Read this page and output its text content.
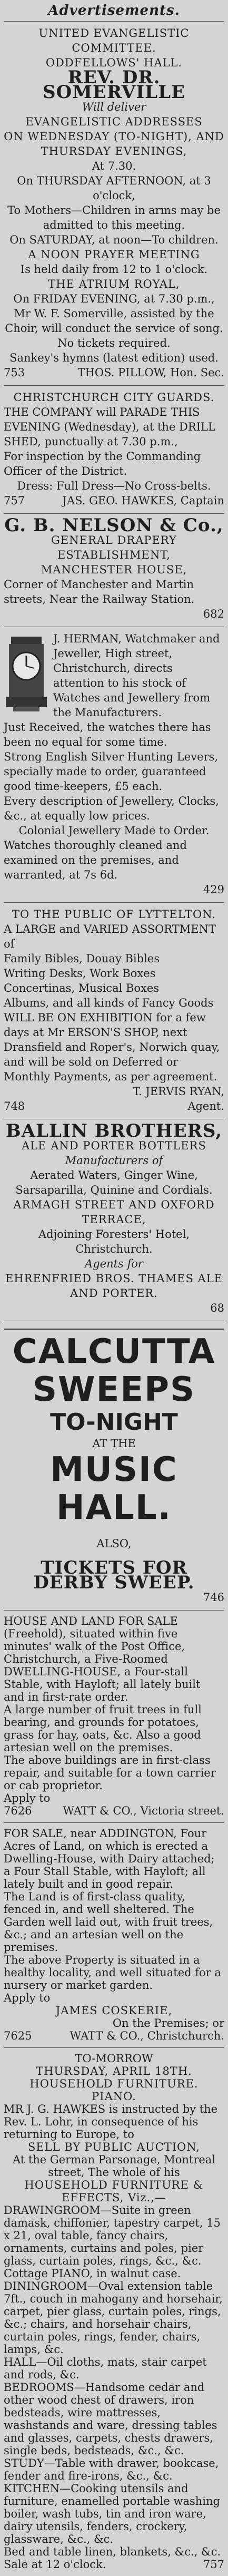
Advertisements.
UNITED EVANGELISTIC COMMITTEE.
ODDFELLOWS' HALL.
REV. DR. SOMERVILLE
Will deliver
EVANGELISTIC ADDRESSES
ON WEDNESDAY (TO-NIGHT), AND
THURSDAY EVENINGS,
At 7.30.
On THURSDAY AFTERNOON, at 3 o'clock,
To Mothers—Children in arms may be admitted to this meeting.
On SATURDAY, at noon—To children.
A NOON PRAYER MEETING
Is held daily from 12 to 1 o'clock.
THE ATRIUM ROYAL,
On FRIDAY EVENING, at 7.30 p.m.,
Mr W. F. Somerville, assisted by the Choir, will conduct the service of song.
No tickets required.
Sankey's hymns (latest edition) used.
753	THOS. PILLOW, Hon. Sec.
CHRISTCHURCH CITY GUARDS.
THE COMPANY will PARADE THIS EVENING (Wednesday), at the DRILL SHED, punctually at 7.30 p.m.,
For inspection by the Commanding Officer of the District.
Dress: Full Dress—No Cross-belts.
757	JAS. GEO. HAWKES, Captain
G. B. NELSON & Co.,
GENERAL DRAPERY ESTABLISHMENT,
MANCHESTER HOUSE,
Corner of Manchester and Martin streets, Near the Railway Station.
682
J. HERMAN, Watchmaker and Jeweller, High street, Christchurch, directs attention to his stock of Watches and Jewellery from the Manufacturers.
Just Received, the watches there has been no equal for some time.
Strong English Silver Hunting Levers, specially made to order, guaranteed good time-keepers, £5 each.
Every description of Jewellery, Clocks, &c., at equally low prices.
Colonial Jewellery Made to Order.
Watches thoroughly cleaned and examined on the premises, and warranted, at 7s 6d.
429
TO THE PUBLIC OF LYTTELTON.
A LARGE and VARIED ASSORTMENT of
Family Bibles, Douay Bibles
Writing Desks, Work Boxes
Concertinas, Musical Boxes
Albums, and all kinds of Fancy Goods
WILL BE ON EXHIBITION for a few days at Mr ERSON'S SHOP, next Dransfield and Roper's, Norwich quay, and will be sold on Deferred or Monthly Payments, as per agreement.
T. JERVIS RYAN,
748	Agent.
BALLIN BROTHERS,
ALE AND PORTER BOTTLERS
Manufacturers of
Aerated Waters, Ginger Wine, Sarsaparilla, Quinine and Cordials.
ARMAGH STREET AND OXFORD TERRACE,
Adjoining Foresters' Hotel, Christchurch.
Agents for
EHRENFRIED BROS. THAMES ALE AND PORTER.
68
CALCUTTA
SWEEPS
TO-NIGHT
AT THE
MUSIC HALL.
ALSO,
TICKETS FOR DERBY SWEEP.
746
HOUSE AND LAND FOR SALE (Freehold), situated within five minutes' walk of the Post Office, Christchurch, a Five-Roomed DWELLING-HOUSE, a Four-stall Stable, with Hayloft; all lately built and in first-rate order.
A large number of fruit trees in full bearing, and grounds for potatoes, grass for hay, oats, &c. Also a good artesian well on the premises.
The above buildings are in first-class repair, and suitable for a town carrier or cab proprietor.
Apply to
7626	WATT & CO., Victoria street.
FOR SALE, near ADDINGTON, Four Acres of Land, on which is erected a Dwelling-House, with Dairy attached; a Four Stall Stable, with Hayloft; all lately built and in good repair.
The Land is of first-class quality, fenced in, and well sheltered. The Garden well laid out, with fruit trees, &c.; and an artesian well on the premises.
The above Property is situated in a healthy locality, and well situated for a nursery or market garden.
Apply to
JAMES COSKERIE,
On the Premises; or
7625	WATT & CO., Christchurch.
TO-MORROW
THURSDAY, APRIL 18TH.
HOUSEHOLD FURNITURE.
PIANO.
MR J. G. HAWKES is instructed by the Rev. L. Lohr, in consequence of his returning to Europe, to
SELL BY PUBLIC AUCTION,
At the German Parsonage, Montreal street, The whole of his
HOUSEHOLD FURNITURE & EFFECTS, Viz.,—
DRAWINGROOM—Suite in green damask, chiffonier, tapestry carpet, 15 x 21, oval table, fancy chairs, ornaments, curtains and poles, pier glass, curtain poles, rings, &c., &c.
Cottage PIANO, in walnut case.
DININGROOM—Oval extension table 7ft., couch in mahogany and horsehair, carpet, pier glass, curtain poles, rings, &c.; chairs, and horsehair chairs, curtain poles, rings, fender, chairs, lamps, &c.
HALL—Oil cloths, mats, stair carpet and rods, &c.
BEDROOMS—Handsome cedar and other wood chest of drawers, iron bedsteads, wire mattresses, washstands and ware, dressing tables and glasses, carpets, chests drawers, single beds, bedsteads, &c., &c.
STUDY—Table with drawer, bookcase, fender and fire-irons, &c., &c.
KITCHEN—Cooking utensils and furniture, enamelled portable washing boiler, wash tubs, tin and iron ware, dairy utensils, fenders, crockery, glassware, &c., &c.
Bed and table linen, blankets, &c., &c.
Sale at 12 o'clock.	757
